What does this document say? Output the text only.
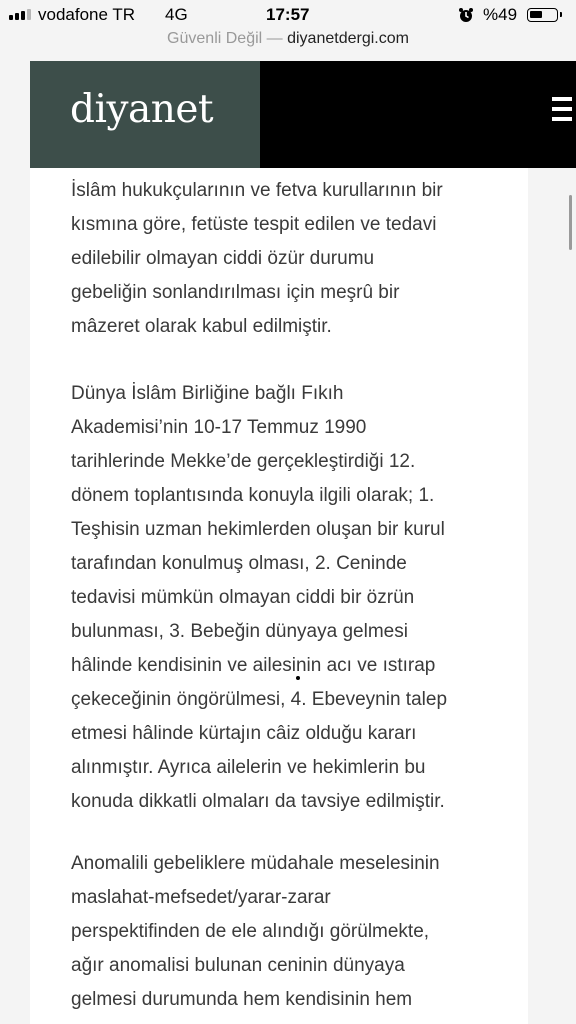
vodafone TR 4G	17:57	%49
Güvenli Değil — diyanetdergi.com
diyanet

İslâm hukukçularının ve fetva kurullarının bir
kısmına göre, fetüste tespit edilen ve tedavi
edilebilir olmayan ciddi özür durumu
gebeliğin sonlandırılması için meşrû bir
mâzeret olarak kabul edilmiştir.

Dünya İslâm Birliğine bağlı Fıkıh
Akademisi’nin 10-17 Temmuz 1990
tarihlerinde Mekke’de gerçekleştirdiği 12.
dönem toplantısında konuyla ilgili olarak; 1.
Teşhisin uzman hekimlerden oluşan bir kurul
tarafından konulmuş olması, 2. Ceninde
tedavisi mümkün olmayan ciddi bir özrün
bulunması, 3. Bebeğin dünyaya gelmesi
hâlinde kendisinin ve ailesinin acı ve ıstırap
çekeceğinin öngörülmesi, 4. Ebeveynin talep
etmesi hâlinde kürtajın câiz olduğu kararı
alınmıştır. Ayrıca ailelerin ve hekimlerin bu
konuda dikkatli olmaları da tavsiye edilmiştir.

Anomalili gebeliklere müdahale meselesinin
maslahat-mefsedet/yarar-zarar
perspektifinden de ele alındığı görülmekte,
ağır anomalisi bulunan ceninin dünyaya
gelmesi durumunda hem kendisinin hem
